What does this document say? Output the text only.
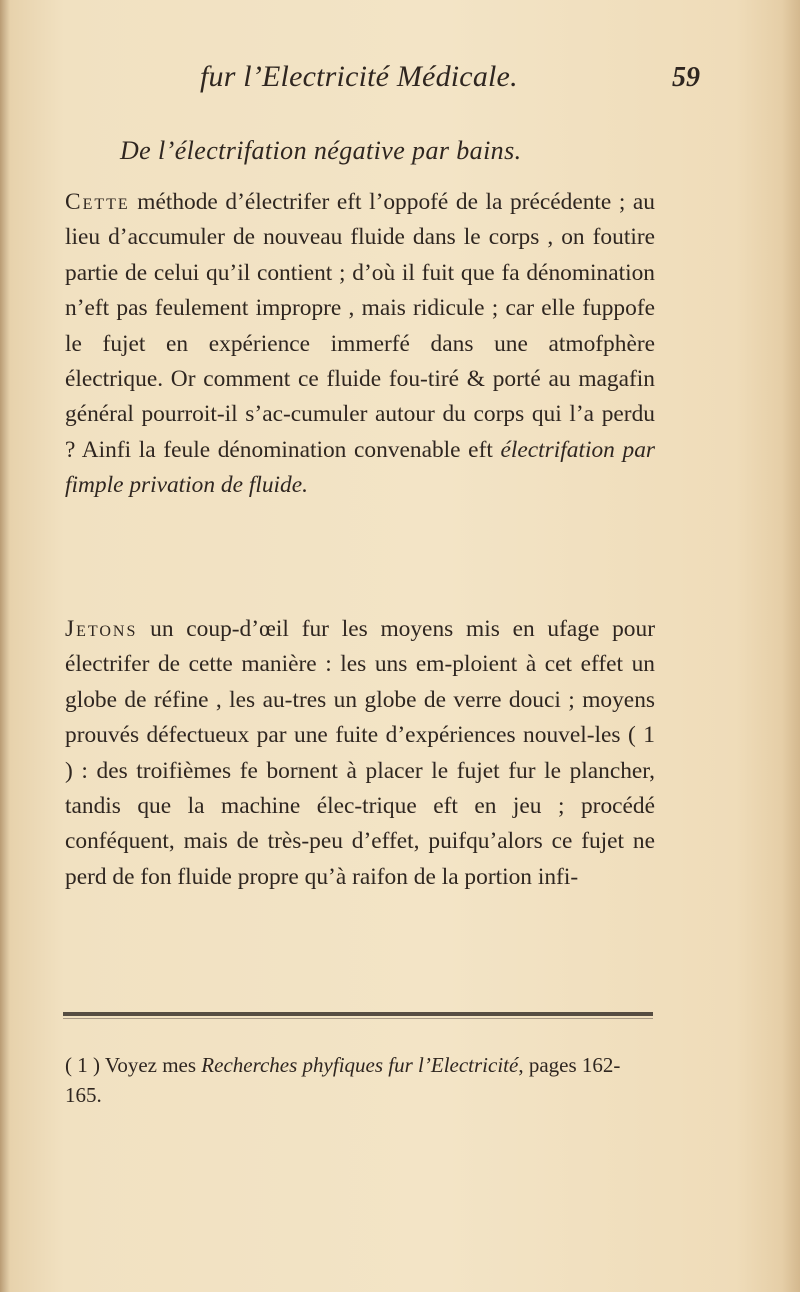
fur l’Electricité Médicale.	59
De l’électrifation négative par bains.

Cette méthode d’électrifer eft l’oppofé de la précédente ; au lieu d’accumuler de nouveau fluide dans le corps , on foutire partie de celui qu’il contient ; d’où il fuit que fa dénomination n’eft pas feulement impropre , mais ridicule ; car elle fuppofe le fujet en expérience immerfé dans une atmofphère électrique. Or comment ce fluide fou-tiré & porté au magafin général pourroit-il s’ac-cumuler autour du corps qui l’a perdu ? Ainfi la feule dénomination convenable eft électrifation par fimple privation de fluide.

Jetons un coup-d’œil fur les moyens mis en ufage pour électrifer de cette manière : les uns em-ploient à cet effet un globe de réfine , les au-tres un globe de verre douci ; moyens prouvés défectueux par une fuite d’expériences nouvel-les ( 1 ) : des troifièmes fe bornent à placer le fujet fur le plancher, tandis que la machine élec-trique eft en jeu ; procédé conféquent, mais de très-peu d’effet, puifqu’alors ce fujet ne perd de fon fluide propre qu’à raifon de la portion infi-

( 1 ) Voyez mes Recherches phyfiques fur l’Electricité, pages 162-165.
